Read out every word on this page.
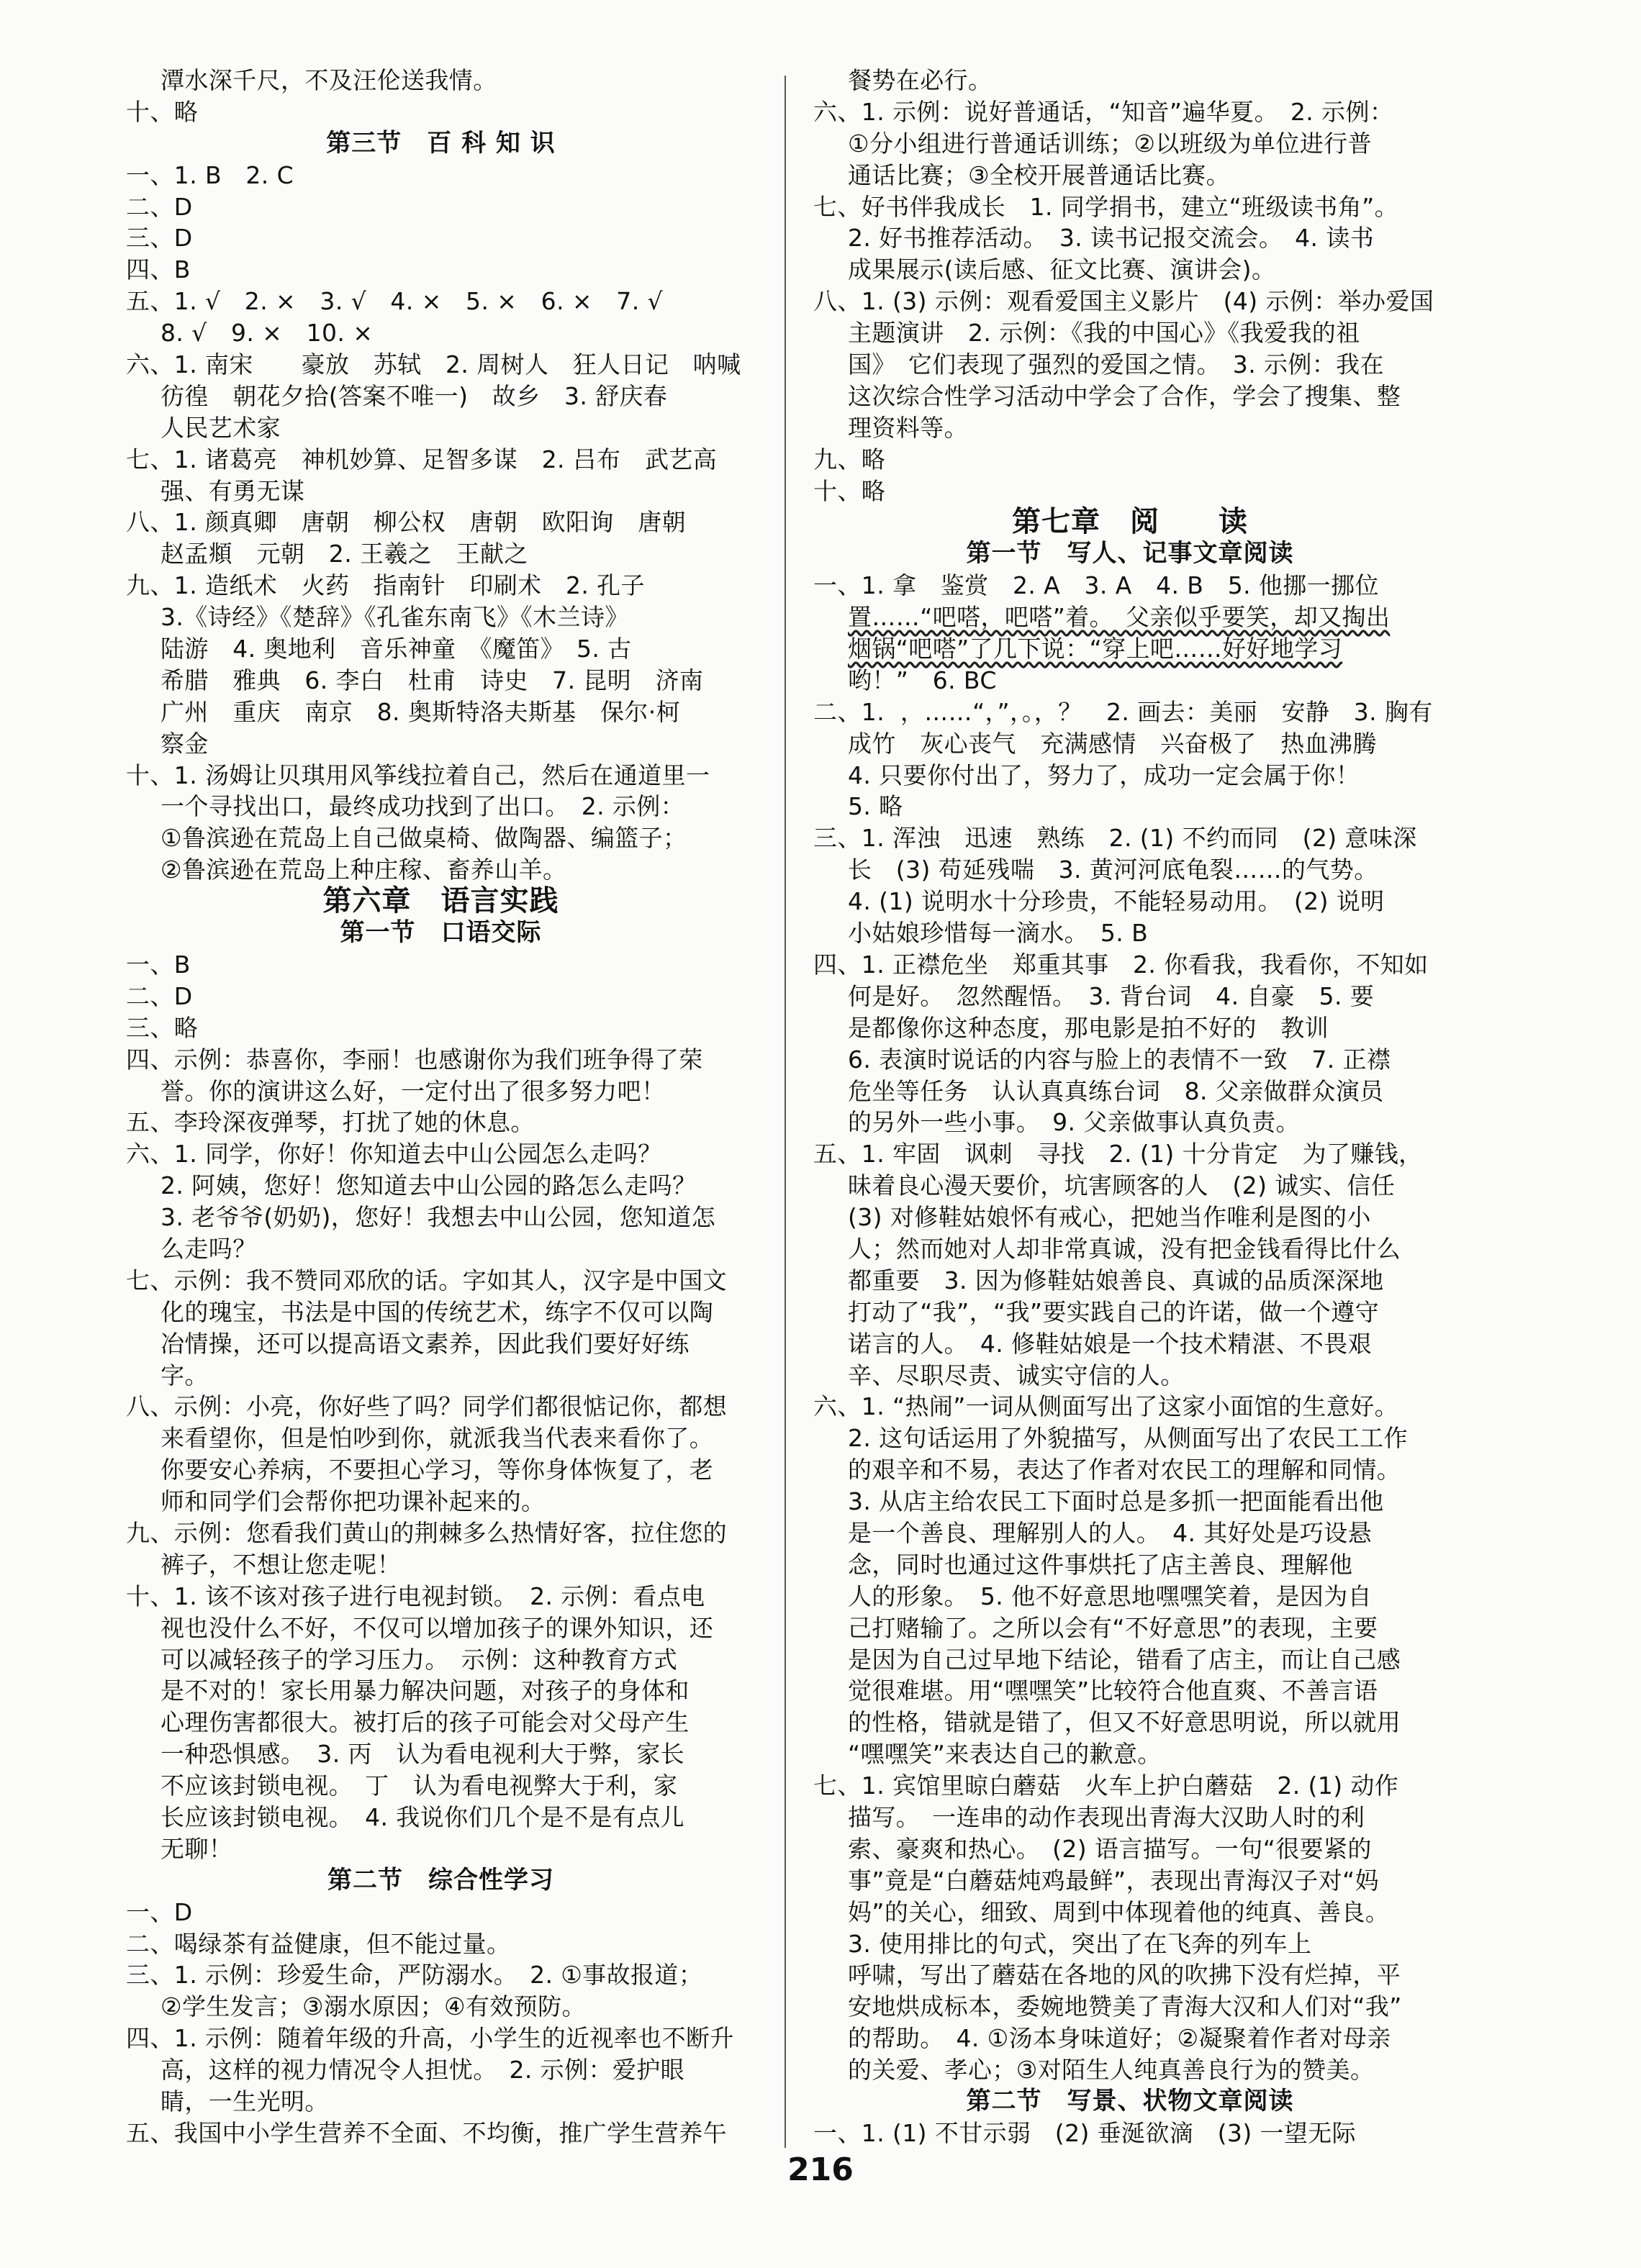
潭水深千尺，不及汪伦送我情。
十、略
第三节　百 科 知 识
一、1. B　2. C
二、D
三、D
四、B
五、1. √　2. ×　3. √　4. ×　5. ×　6. ×　7. √
8. √　9. ×　10. ×
六、1. 南宋　　豪放　苏轼　2. 周树人　狂人日记　呐喊
彷徨　朝花夕拾(答案不唯一)　故乡　3. 舒庆春
人民艺术家
七、1. 诸葛亮　神机妙算、足智多谋　2. 吕布　武艺高
强、有勇无谋
八、1. 颜真卿　唐朝　柳公权　唐朝　欧阳询　唐朝
赵孟頫　元朝　2. 王羲之　王献之
九、1. 造纸术　火药　指南针　印刷术　2. 孔子
3.《诗经》《楚辞》《孔雀东南飞》《木兰诗》
陆游　4. 奥地利　音乐神童　《魔笛》　5. 古
希腊　雅典　6. 李白　杜甫　诗史　7. 昆明　济南
广州　重庆　南京　8. 奥斯特洛夫斯基　保尔·柯
察金
十、1. 汤姆让贝琪用风筝线拉着自己，然后在通道里一
一个寻找出口，最终成功找到了出口。　2. 示例：
①鲁滨逊在荒岛上自己做桌椅、做陶器、编篮子；
②鲁滨逊在荒岛上种庄稼、畜养山羊。
第六章　语言实践
第一节　口语交际
一、B
二、D
三、略
四、示例：恭喜你，李丽！也感谢你为我们班争得了荣
誉。你的演讲这么好，一定付出了很多努力吧！
五、李玲深夜弹琴，打扰了她的休息。
六、1. 同学，你好！你知道去中山公园怎么走吗？
2. 阿姨，您好！您知道去中山公园的路怎么走吗？
3. 老爷爷(奶奶)，您好！我想去中山公园，您知道怎
么走吗？
七、示例：我不赞同邓欣的话。字如其人，汉字是中国文
化的瑰宝，书法是中国的传统艺术，练字不仅可以陶
冶情操，还可以提高语文素养，因此我们要好好练
字。
八、示例：小亮，你好些了吗？同学们都很惦记你，都想
来看望你，但是怕吵到你，就派我当代表来看你了。
你要安心养病，不要担心学习，等你身体恢复了，老
师和同学们会帮你把功课补起来的。
九、示例：您看我们黄山的荆棘多么热情好客，拉住您的
裤子，不想让您走呢！
十、1. 该不该对孩子进行电视封锁。　2. 示例：看点电
视也没什么不好，不仅可以增加孩子的课外知识，还
可以减轻孩子的学习压力。　示例：这种教育方式
是不对的！家长用暴力解决问题，对孩子的身体和
心理伤害都很大。被打后的孩子可能会对父母产生
一种恐惧感。　3. 丙　认为看电视利大于弊，家长
不应该封锁电视。　丁　认为看电视弊大于利，家
长应该封锁电视。　4. 我说你们几个是不是有点儿
无聊！
第二节　综合性学习
一、D
二、喝绿茶有益健康，但不能过量。
三、1. 示例：珍爱生命，严防溺水。　2. ①事故报道；
②学生发言；③溺水原因；④有效预防。
四、1. 示例：随着年级的升高，小学生的近视率也不断升
高，这样的视力情况令人担忧。　2. 示例：爱护眼
睛，一生光明。
五、我国中小学生营养不全面、不均衡，推广学生营养午
餐势在必行。
六、1. 示例：说好普通话，“知音”遍华夏。　2. 示例：
①分小组进行普通话训练；②以班级为单位进行普
通话比赛；③全校开展普通话比赛。
七、好书伴我成长　1. 同学捐书，建立“班级读书角”。
2. 好书推荐活动。　3. 读书记报交流会。　4. 读书
成果展示(读后感、征文比赛、演讲会)。
八、1. (3) 示例：观看爱国主义影片　(4) 示例：举办爱国
主题演讲　2. 示例：《我的中国心》《我爱我的祖
国》　它们表现了强烈的爱国之情。　3. 示例：我在
这次综合性学习活动中学会了合作，学会了搜集、整
理资料等。
九、略
十、略
第七章　阅　　读
第一节　写人、记事文章阅读
一、1. 拿　鉴赏　2. A　3. A　4. B　5. 他挪一挪位
置……“吧嗒，吧嗒”着。　父亲似乎要笑，却又掏出
烟锅“吧嗒”了几下说：“穿上吧……好好地学习
哟！”　6. BC
二、1.  ，……“，”，。，？　2. 画去：美丽　安静　3. 胸有
成竹　灰心丧气　充满感情　兴奋极了　热血沸腾
4. 只要你付出了，努力了，成功一定会属于你！
5. 略
三、1. 浑浊　迅速　熟练　2. (1) 不约而同　(2) 意味深
长　(3) 苟延残喘　3. 黄河河底龟裂……的气势。
4. (1) 说明水十分珍贵，不能轻易动用。　(2) 说明
小姑娘珍惜每一滴水。　5. B
四、1. 正襟危坐　郑重其事　2. 你看我，我看你，不知如
何是好。　忽然醒悟。　3. 背台词　4. 自豪　5. 要
是都像你这种态度，那电影是拍不好的　教训
6. 表演时说话的内容与脸上的表情不一致　7. 正襟
危坐等任务　认认真真练台词　8. 父亲做群众演员
的另外一些小事。　9. 父亲做事认真负责。
五、1. 牢固　讽刺　寻找　2. (1) 十分肯定　为了赚钱，
昧着良心漫天要价，坑害顾客的人　(2) 诚实、信任
(3) 对修鞋姑娘怀有戒心，把她当作唯利是图的小
人；然而她对人却非常真诚，没有把金钱看得比什么
都重要　3. 因为修鞋姑娘善良、真诚的品质深深地
打动了“我”，“我”要实践自己的许诺，做一个遵守
诺言的人。　4. 修鞋姑娘是一个技术精湛、不畏艰
辛、尽职尽责、诚实守信的人。
六、1. “热闹”一词从侧面写出了这家小面馆的生意好。
2. 这句话运用了外貌描写，从侧面写出了农民工工作
的艰辛和不易，表达了作者对农民工的理解和同情。
3. 从店主给农民工下面时总是多抓一把面能看出他
是一个善良、理解别人的人。　4. 其好处是巧设悬
念，同时也通过这件事烘托了店主善良、理解他
人的形象。　5. 他不好意思地嘿嘿笑着，是因为自
己打赌输了。之所以会有“不好意思”的表现，主要
是因为自己过早地下结论，错看了店主，而让自己感
觉很难堪。用“嘿嘿笑”比较符合他直爽、不善言语
的性格，错就是错了，但又不好意思明说，所以就用
“嘿嘿笑”来表达自己的歉意。
七、1. 宾馆里晾白蘑菇　火车上护白蘑菇　2. (1) 动作
描写。　一连串的动作表现出青海大汉助人时的利
索、豪爽和热心。　(2) 语言描写。一句“很要紧的
事”竟是“白蘑菇炖鸡最鲜”，表现出青海汉子对“妈
妈”的关心，细致、周到中体现着他的纯真、善良。
3. 使用排比的句式，突出了在飞奔的列车上
呼啸，写出了蘑菇在各地的风的吹拂下没有烂掉，平
安地烘成标本，委婉地赞美了青海大汉和人们对“我”
的帮助。　4. ①汤本身味道好；②凝聚着作者对母亲
的关爱、孝心；③对陌生人纯真善良行为的赞美。
第二节　写景、状物文章阅读
一、1. (1) 不甘示弱　(2) 垂涎欲滴　(3) 一望无际
216
